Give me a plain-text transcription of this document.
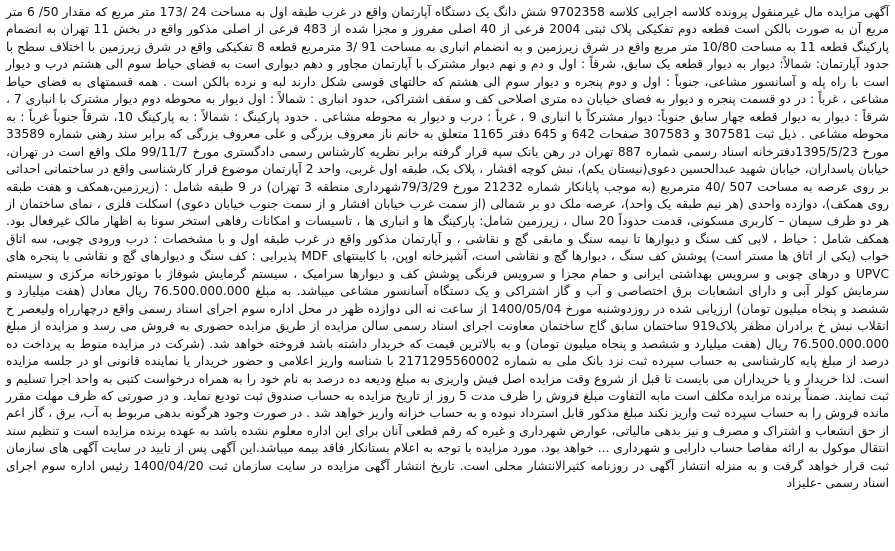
آگهی مزایده مال غیرمنقول پرونده کلاسه اجرایی کلاسه 9702358 شش دانگ یک دستگاه آپارتمان واقع در غرب طبقه اول به مساحت 24 /173 متر مربع که مقدار 50/ 6 متر مربع آن به صورت بالکن است قطعه دوم تفکیکی پلاک ثبتی 2004 فرعی از 40 اصلی مفروز و مجزا شده از 483 فرعی از اصلی مذکور واقع در بخش 11 تهران به انضمام پارکینگ قطعه 11 به مساحت 10/80 متر مربع واقع در شرق زیرزمین و به انضمام انباری به مساحت 91 /3 مترمربع قطعه 8 تفکیکی واقع در شرق زیرزمین با اختلاف سطح با حدود آپارتمان: شمالاً: دیوار به دیوار قطعه یک سابق، شرقاً : اول و دم و نهم دیوار مشترک با آپارتمان مجاور و دهم دیواری است به فضای حیاط سوم الی هشتم درب و دیوار است با راه پله و آسانسور مشاعی، جنوباً : اول و دوم پنجره و دیوار سوم الی هشتم که حالتهای قوسی شکل دارند لبه و نرده بالکن است . همه قسمتهای به فضای حیاط مشاعی ، غرباً : در دو قسمت پنجره و دیوار به فضای خیابان ده متری اصلاحی کف و سقف اشتراکی، حدود انباری : شمالاً : اول دیوار به محوطه دوم دیوار مشترک با انباری 7 ، شرقاً : دیوار به دیوار قطعه چهار سابق جنوباً: دیوار مشترکاً با انباری 9 ، غرباً : درب و دیوار به محوطه مشاعی . حدود پارکینگ : شمالاً : به پارکینگ 10، شرقاً جنوباً غرباً : به محوطه مشاعی . ذیل ثبت 307581 و 307583 صفحات 642 و 645 دفتر 1165 متعلق به خانم ناز معروف بزرگی و علی معروف بزرگی که برابر سند رهنی شماره 33589 مورخ 1395/5/23دفترخانه اسناد رسمی شماره 887 تهران در رهن بانک سپه قرار گرفته برابر نظریه کارشناس رسمی دادگستری مورخ 99/11/7 ملک واقع است در تهران، خیابان پاسداران، خیابان شهید عبدالحسین دعوی(نیستان یکم)، نبش کوچه افشار ، پلاک یک، طبقه اول غربی، واحد 2 آپارتمان موضوع قرار کارشناسی واقع در ساختمانی احداثی بر روی عرصه به مساحت 507 /40 مترمربع (به موجب پایانکار شماره 21232 مورخ 79/3/29شهرداری منطقه 3 تهران) در 9 طبقه شامل : (زیرزمین،همکف و هفت طبقه روی همکف)، دوازده واحدی (هر نیم طبقه یک واحد)، عرصه ملک دو بر شمالی (از سمت غرب خیابان افشار و از سمت جنوب خیابان دعوی) اسکلت فلزی ، نمای ساختمان از هر دو طرف سیمان – کاربری مسکونی، قدمت حدوداً 20 سال ، زیرزمین شامل: پارکینگ ها و انباری ها ، تاسیسات و امکانات رفاهی استخر سونا به اظهار مالک غیرفعال بود. همکف شامل : حیاط ، لابی کف سنگ و دیوارها تا نیمه سنگ و مابقی گچ و نقاشی ، و آپارتمان مذکور واقع در غرب طبقه اول و با مشخصات : درب ورودی چوبی، سه اتاق خواب (یکی از اتاق ها مستر است) پوشش کف سنگ ، دیوارها گچ و نقاشی است، آشپزخانه اوپن، با کابینتهای MDF پذیرایی : کف سنگ و دیوارهای گچ و نقاشی با پنجره های UPVC و درهای چوبی و سرویس بهداشتی ایرانی و حمام مجزا و سرویس فرنگی پوشش کف و دیوارها سرامیک ، سیستم گرمایش شوفاژ با موتورخانه مرکزی و سیستم سرمایش کولر آبی و دارای انشعابات برق اختصاصی و آب و گاز اشتراکی و یک دستگاه آسانسور مشاعی میباشد. به مبلغ 76.500.000.000 ریال معادل (هفت میلیارد و ششصد و پنجاه میلیون تومان) ارزیابی شده در روزدوشنبه مورخ 1400/05/04 از ساعت نه الی دوازده ظهر در محل اداره سوم اجرای اسناد رسمی واقع درچهارراه ولیعصر خ انقلاب نبش خ برادران مظفر پلاک919 ساختمان سابق گاج ساختمان معاونت اجرای اسناد رسمی سالن مزایده از طریق مزایده حضوری به فروش می رسد و مزایده از مبلغ 76.500.000.000 ریال (هفت میلیارد و ششصد و پنجاه میلیون تومان) و به بالاترین قیمت که خریدار داشته باشد فروخته خواهد شد. (شرکت در مزایده منوط به پرداخت ده درصد از مبلغ پایه کارشناسی به حساب سپرده ثبت نزد بانک ملی به شماره 2171295560002 با شناسه واریز اعلامی و حضور خریدار یا نماینده قانونی او در جلسه مزایده است. لذا خریدار و یا خریداران می بایست تا قبل از شروع وقت مزایده اصل فیش واریزی به مبلغ ودیعه ده درصد به نام خود را به همراه درخواست کتبی به واحد اجرا تسلیم و ثبت نمایند. ضمناً برنده مزایده مکلف است مابه التفاوت مبلغ فروش را ظرف مدت 5 روز از تاریخ مزایده به حساب صندوق ثبت تودیع نماید. و در صورتی که ظرف مهلت مقرر مانده فروش را به حساب سپرده ثبت واریز نکند مبلغ مذکور قابل استرداد نبوده و به حساب خزانه واریز خواهد شد . در صورت وجود هرگونه بدهی مربوط به آب، برق ، گاز اعم از حق انشعاب و اشتراک و مصرف و نیز بدهی مالیاتی، عوارض شهرداری و غیره که رقم قطعی آنان برای این اداره معلوم نشده باشد به عهده برنده مزایده است و تنظیم سند انتقال موکول به ارائه مفاصا حساب دارایی و شهرداری ... خواهد بود. مورد مزایده با توجه به اعلام بستانکار فاقد بیمه میباشد.این آگهی پس از تایید در سایت آگهی های سازمان ثبت قرار خواهد گرفت و به منزله انتشار آگهی در روزنامه کثیرالانتشار محلی است. تاریخ انتشار آگهی مزایده در سایت سازمان ثبت 1400/04/20 رئیس اداره سوم اجرای اسناد رسمی -علیزاد
